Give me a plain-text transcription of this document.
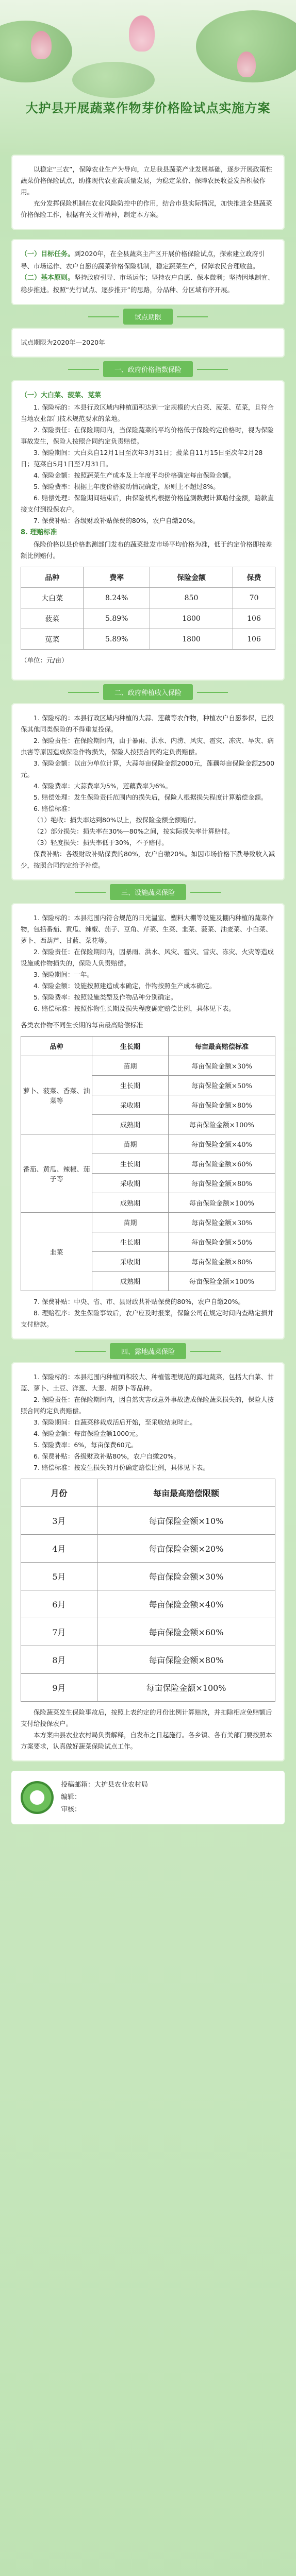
大护县开展蔬菜作物芽价格险试点实施方案

以稳定“三农”，保障农业生产为导向，立足我县蔬菜产业发展基础，逐步开展政策性蔬菜价格保险试点，助推现代农业高质量发展，为稳定菜价、保障农民收益发挥积极作用。

充分发挥保险机制在农业风险防控中的作用，结合市县实际情况，加快推进全县蔬菜价格保险工作，根据有关文件精神，制定本方案。

（一）目标任务。到2020年，在全县蔬菜主产区开展价格保险试点，探索建立政府引导、市场运作、农户自愿的蔬菜价格保险机制，稳定蔬菜生产，保障农民合理收益。

（二）基本原则。坚持政府引导、市场运作；坚持农户自愿、保本微利；坚持因地制宜、稳步推进。按照“先行试点、逐步推开”的思路，分品种、分区域有序开展。

试点期限

试点期限为2020年—2020年

一、政府价格指数保险

（一）大白菜、菠菜、苋菜

1. 保险标的：本县行政区域内种植面积达到一定规模的大白菜、菠菜、苋菜，且符合当地农业部门技术规范要求的菜地。

2. 保险责任：在保险期间内，当保险蔬菜的平均价格低于保险约定价格时，视为保险事故发生，保险人按照合同约定负责赔偿。

3. 保险期间：大白菜自12月1日至次年3月31日；菠菜自11月15日至次年2月28日；苋菜自5月1日至7月31日。

4. 保险金额：按照蔬菜生产成本及上年度平均价格确定每亩保险金额。

5. 保险费率：根据上年度价格波动情况确定，原则上不超过8%。

6. 赔偿处理：保险期间结束后，由保险机构根据价格监测数据计算赔付金额，赔款直接支付到投保农户。

7. 保费补贴：各级财政补贴保费的80%，农户自缴20%。

8. 理赔标准

保险价格以县价格监测部门发布的蔬菜批发市场平均价格为准，低于约定价格即按差额比例赔付。

品种	费率	保险金额	保费
大白菜	8.24%	850	70
菠菜	5.89%	1800	106
苋菜	5.89%	1800	106

（单位：元/亩）

二、政府种植收入保险

1. 保险标的：本县行政区域内种植的大蒜、莲藕等农作物，种植农户自愿参保，已投保其他同类保险的不得重复投保。

2. 保险责任：在保险期间内，由于暴雨、洪水、内涝、风灾、雹灾、冻灾、旱灾、病虫害等原因造成保险作物损失，保险人按照合同约定负责赔偿。

3. 保险金额：以亩为单位计算，大蒜每亩保险金额2000元，莲藕每亩保险金额2500元。

4. 保险费率：大蒜费率为5%，莲藕费率为6%。

5. 赔偿处理：发生保险责任范围内的损失后，保险人根据损失程度计算赔偿金额。

6. 赔偿标准：

（1）绝收：损失率达到80%以上，按保险金额全额赔付。

（2）部分损失：损失率在30%—80%之间，按实际损失率计算赔付。

（3）轻度损失：损失率低于30%，不予赔付。

保费补贴：各级财政补贴保费的80%，农户自缴20%。如因市场价格下跌导致收入减少，按照合同约定给予补偿。

三、设施蔬菜保险

1. 保险标的：本县范围内符合规范的日光温室、塑料大棚等设施及棚内种植的蔬菜作物，包括番茄、黄瓜、辣椒、茄子、豆角、芹菜、生菜、韭菜、菠菜、油麦菜、小白菜、萝卜、西葫芦、甘蓝、菜花等。

2. 保险责任：在保险期间内，因暴雨、洪水、风灾、雹灾、雪灾、冻灾、火灾等造成设施或作物损失的，保险人负责赔偿。

3. 保险期间：一年。

4. 保险金额：设施按照建造成本确定，作物按照生产成本确定。

5. 保险费率：按照设施类型及作物品种分别确定。

6. 赔偿标准：按照作物生长期及损失程度确定赔偿比例，具体见下表。

各类农作物不同生长期的每亩最高赔偿标准

品种	生长期	每亩最高赔偿标准
萝卜、菠菜、香菜、油菜等	苗期	每亩保险金额×30%
	生长期	每亩保险金额×50%
	采收期	每亩保险金额×80%
	成熟期	每亩保险金额×100%
番茄、黄瓜、辣椒、茄子等	苗期	每亩保险金额×40%
	生长期	每亩保险金额×60%
	采收期	每亩保险金额×80%
	成熟期	每亩保险金额×100%
韭菜	苗期	每亩保险金额×30%
	生长期	每亩保险金额×50%
	采收期	每亩保险金额×80%
	成熟期	每亩保险金额×100%

7. 保费补贴：中央、省、市、县财政共补贴保费的80%，农户自缴20%。

8. 理赔程序：发生保险事故后，农户应及时报案，保险公司在规定时间内查勘定损并支付赔款。

四、露地蔬菜保险

1. 保险标的：本县范围内种植面积较大、种植管理规范的露地蔬菜，包括大白菜、甘蓝、萝卜、土豆、洋葱、大葱、胡萝卜等品种。

2. 保险责任：在保险期间内，因自然灾害或意外事故造成保险蔬菜损失的，保险人按照合同约定负责赔偿。

3. 保险期间：自蔬菜移栽成活后开始，至采收结束时止。

4. 保险金额：每亩保险金额1000元。

5. 保险费率：6%，每亩保费60元。

6. 保费补贴：各级财政补贴80%，农户自缴20%。

7. 赔偿标准：按发生损失的月份确定赔偿比例，具体见下表。

月份	每亩最高赔偿限额
3月	每亩保险金额×10%
4月	每亩保险金额×20%
5月	每亩保险金额×30%
6月	每亩保险金额×40%
7月	每亩保险金额×60%
8月	每亩保险金额×80%
9月	每亩保险金额×100%

保险蔬菜发生保险事故后，按照上表约定的月份比例计算赔款，并扣除相应免赔额后支付给投保农户。

本方案由县农业农村局负责解释，自发布之日起施行。各乡镇、各有关部门要按照本方案要求，认真做好蔬菜保险试点工作。

投稿邮箱：大护县农业农村局
编辑：
审核：
